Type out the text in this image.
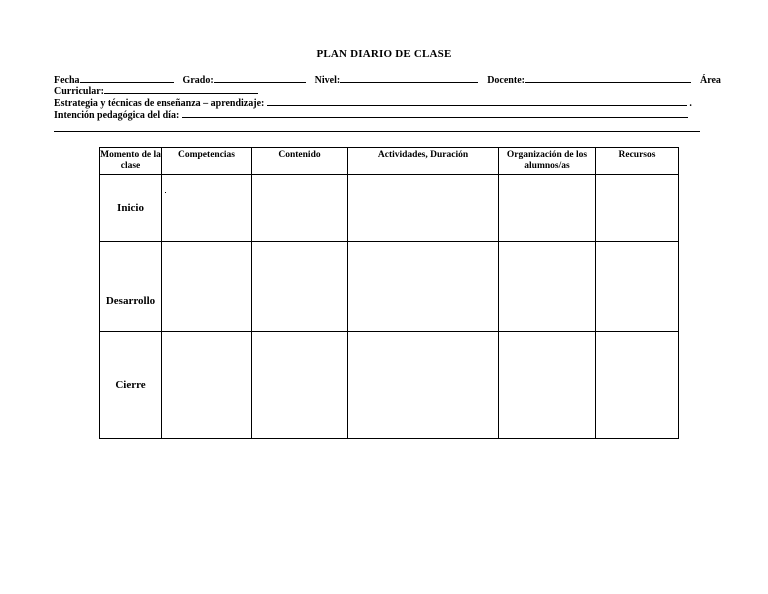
PLAN DIARIO DE CLASE
Fecha	Grado:	Nivel:	Docente:	Área
Curricular:
Estrategia y técnicas de enseñanza – aprendizaje:	.
Intención pedagógica del día:
Momento de la clase	Competencias	Contenido	Actividades, Duración	Organización de los alumnos/as	Recursos
Inicio					
Desarrollo					
Cierre					
